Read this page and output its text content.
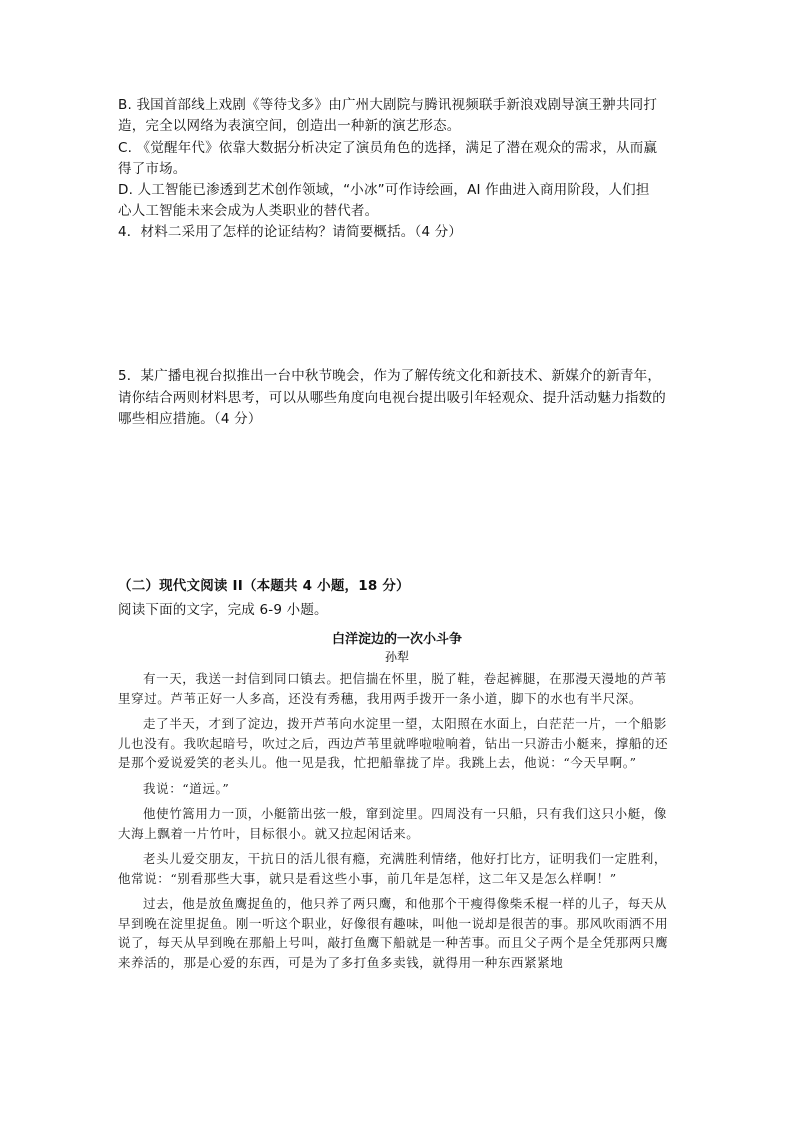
B. 我国首部线上戏剧《等待戈多》由广州大剧院与腾讯视频联手新浪戏剧导演王翀共同打
造，完全以网络为表演空间，创造出一种新的演艺形态。
C. 《觉醒年代》依靠大数据分析决定了演员角色的选择，满足了潜在观众的需求，从而赢
得了市场。
D. 人工智能已渗透到艺术创作领域，“小冰”可作诗绘画，AI 作曲进入商用阶段，人们担
心人工智能未来会成为人类职业的替代者。
4．材料二采用了怎样的论证结构？请简要概括。（4 分）
5．某广播电视台拟推出一台中秋节晚会，作为了解传统文化和新技术、新媒介的新青年，
请你结合两则材料思考，可以从哪些角度向电视台提出吸引年轻观众、提升活动魅力指数的
哪些相应措施。（4 分）
（二）现代文阅读 II（本题共 4 小题，18 分）
阅读下面的文字，完成 6-9 小题。
白洋淀边的一次小斗争
孙犁

有一天，我送一封信到同口镇去。把信揣在怀里，脱了鞋，卷起裤腿，在那漫天漫地的芦苇里穿过。芦苇正好一人多高，还没有秀穗，我用两手拨开一条小道，脚下的水也有半尺深。

走了半天，才到了淀边，拨开芦苇向水淀里一望，太阳照在水面上，白茫茫一片，一个船影儿也没有。我吹起暗号，吹过之后，西边芦苇里就哗啦啦响着，钻出一只游击小艇来，撑船的还是那个爱说爱笑的老头儿。他一见是我，忙把船靠拢了岸。我跳上去，他说：“今天早啊。”

我说：“道远。”

他使竹篙用力一顶，小艇箭出弦一般，窜到淀里。四周没有一只船，只有我们这只小艇，像大海上飘着一片竹叶，目标很小。就又拉起闲话来。

老头儿爱交朋友，干抗日的活儿很有瘾，充满胜利情绪，他好打比方，证明我们一定胜利，他常说：“别看那些大事，就只是看这些小事，前几年是怎样，这二年又是怎么样啊！”

过去，他是放鱼鹰捉鱼的，他只养了两只鹰，和他那个干瘦得像柴禾棍一样的儿子，每天从早到晚在淀里捉鱼。刚一听这个职业，好像很有趣味，叫他一说却是很苦的事。那风吹雨洒不用说了，每天从早到晚在那船上号叫，敲打鱼鹰下船就是一种苦事。而且父子两个是全凭那两只鹰来养活的，那是心爱的东西，可是为了多打鱼多卖钱，就得用一种东西紧紧地
